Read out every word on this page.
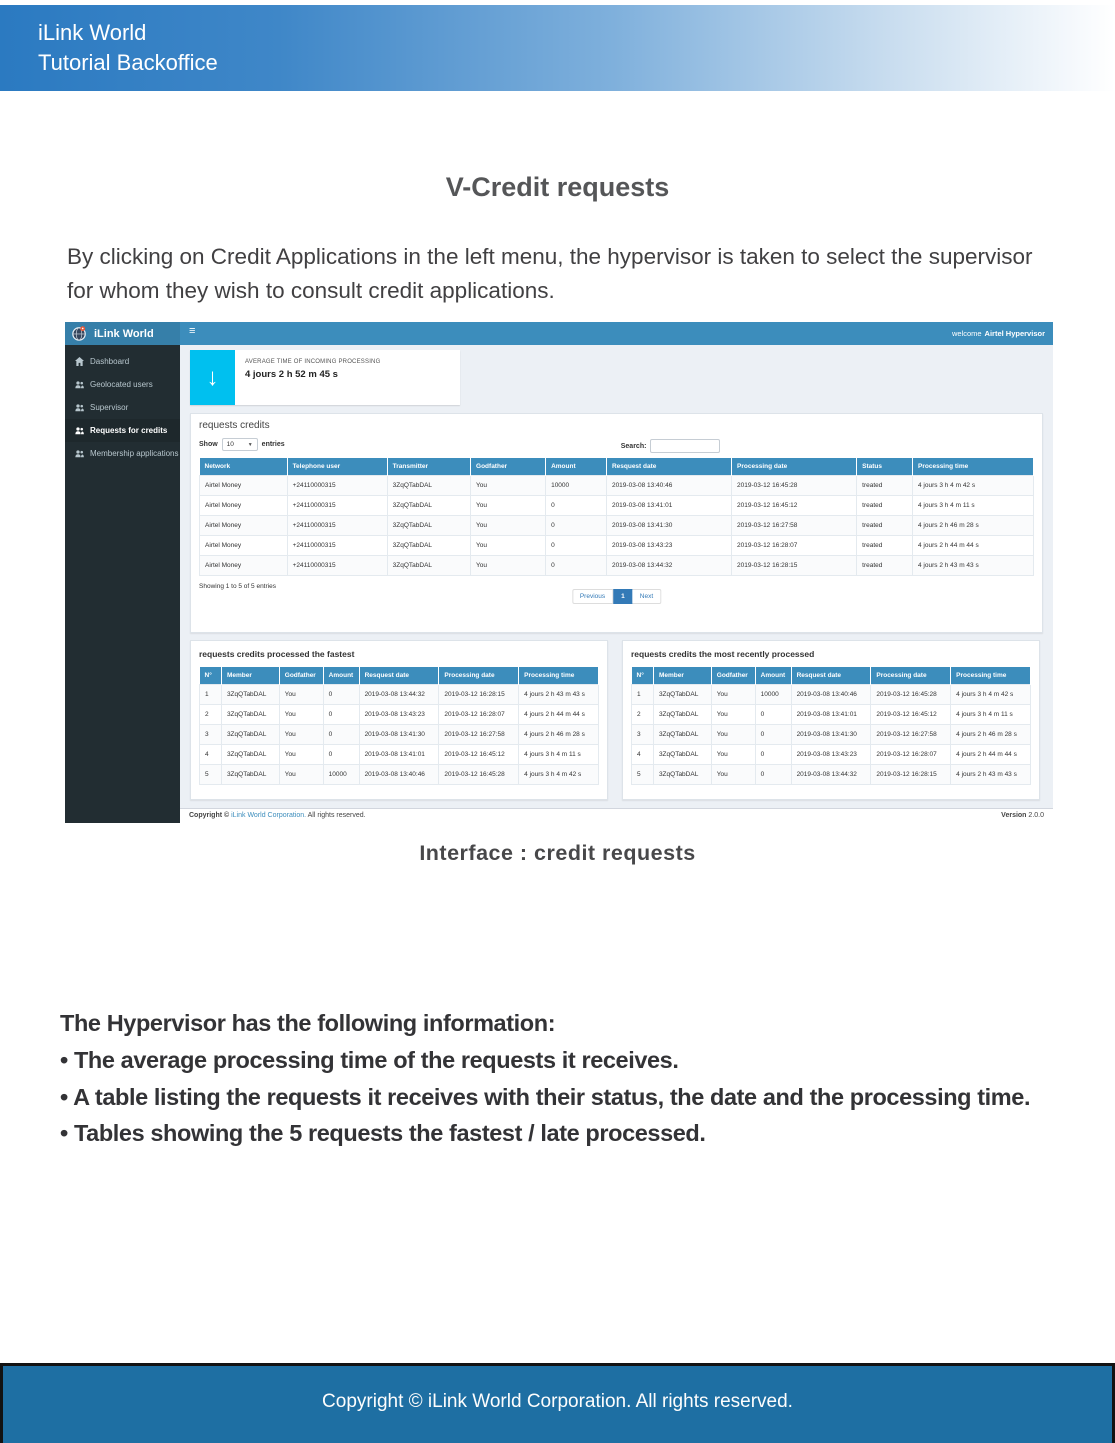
iLink World
Tutorial Backoffice
V-Credit requests
By clicking on Credit Applications in the left menu, the hypervisor is taken to select the supervisor for whom they wish to consult credit applications.
iLink World	≡	welcome Airtel Hypervisor
Dashboard
Geolocated users
Supervisor
Requests for credits
Membership applications
↓
AVERAGE TIME OF INCOMING PROCESSING
4 jours 2 h 52 m 45 s
requests credits
Show 10	▼ entries	Search:
Network	Telephone user	Transmitter	Godfather	Amount	Resquest date	Processing date	Status	Processing time
Airtel Money	+24110000315	3ZqQTabDAL	You	10000	2019-03-08 13:40:46	2019-03-12 16:45:28	treated	4 jours 3 h 4 m 42 s
Airtel Money	+24110000315	3ZqQTabDAL	You	0	2019-03-08 13:41:01	2019-03-12 16:45:12	treated	4 jours 3 h 4 m 11 s
Airtel Money	+24110000315	3ZqQTabDAL	You	0	2019-03-08 13:41:30	2019-03-12 16:27:58	treated	4 jours 2 h 46 m 28 s
Airtel Money	+24110000315	3ZqQTabDAL	You	0	2019-03-08 13:43:23	2019-03-12 16:28:07	treated	4 jours 2 h 44 m 44 s
Airtel Money	+24110000315	3ZqQTabDAL	You	0	2019-03-08 13:44:32	2019-03-12 16:28:15	treated	4 jours 2 h 43 m 43 s
Showing 1 to 5 of 5 entries
Previous	1	Next
requests credits processed the fastest
N°	Member	Godfather	Amount	Resquest date	Processing date	Processing time
1	3ZqQTabDAL	You	0	2019-03-08 13:44:32	2019-03-12 16:28:15	4 jours 2 h 43 m 43 s
2	3ZqQTabDAL	You	0	2019-03-08 13:43:23	2019-03-12 16:28:07	4 jours 2 h 44 m 44 s
3	3ZqQTabDAL	You	0	2019-03-08 13:41:30	2019-03-12 16:27:58	4 jours 2 h 46 m 28 s
4	3ZqQTabDAL	You	0	2019-03-08 13:41:01	2019-03-12 16:45:12	4 jours 3 h 4 m 11 s
5	3ZqQTabDAL	You	10000	2019-03-08 13:40:46	2019-03-12 16:45:28	4 jours 3 h 4 m 42 s
requests credits the most recently processed
N°	Member	Godfather	Amount	Resquest date	Processing date	Processing time
1	3ZqQTabDAL	You	10000	2019-03-08 13:40:46	2019-03-12 16:45:28	4 jours 3 h 4 m 42 s
2	3ZqQTabDAL	You	0	2019-03-08 13:41:01	2019-03-12 16:45:12	4 jours 3 h 4 m 11 s
3	3ZqQTabDAL	You	0	2019-03-08 13:41:30	2019-03-12 16:27:58	4 jours 2 h 46 m 28 s
4	3ZqQTabDAL	You	0	2019-03-08 13:43:23	2019-03-12 16:28:07	4 jours 2 h 44 m 44 s
5	3ZqQTabDAL	You	0	2019-03-08 13:44:32	2019-03-12 16:28:15	4 jours 2 h 43 m 43 s
Copyright © iLink World Corporation. All rights reserved.	Version 2.0.0
Interface : credit requests
The Hypervisor has the following information:
• The average processing time of the requests it receives.
• A table listing the requests it receives with their status, the date and the processing time.
• Tables showing the 5 requests the fastest / late processed.
Copyright © iLink World Corporation. All rights reserved.
